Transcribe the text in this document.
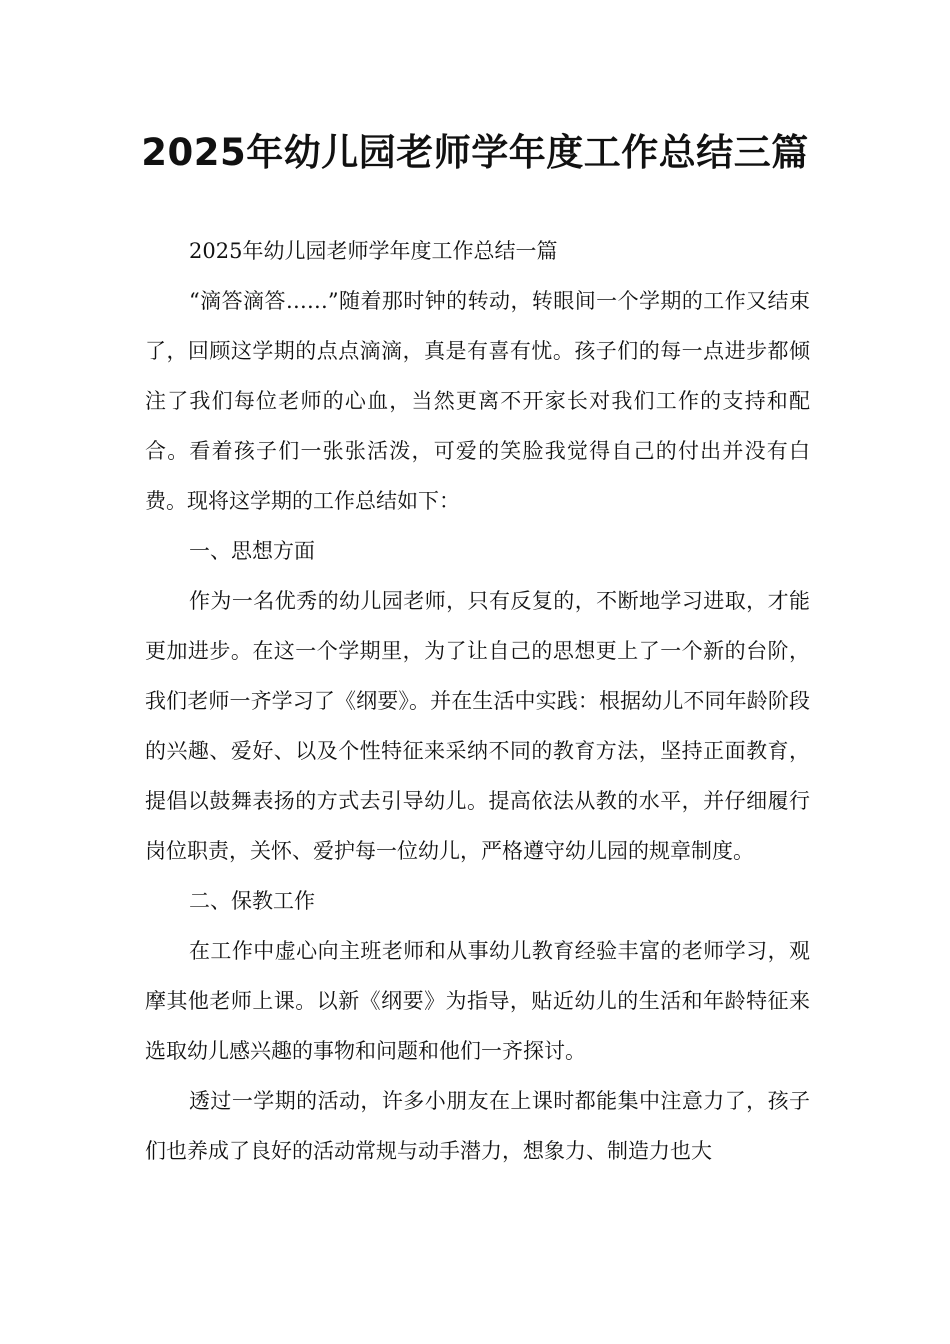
2025年幼儿园老师学年度工作总结三篇

2025年幼儿园老师学年度工作总结一篇

“滴答滴答……”随着那时钟的转动，转眼间一个学期的工作又结束了，回顾这学期的点点滴滴，真是有喜有忧。孩子们的每一点进步都倾注了我们每位老师的心血，当然更离不开家长对我们工作的支持和配合。看着孩子们一张张活泼，可爱的笑脸我觉得自己的付出并没有白费。现将这学期的工作总结如下：

一、思想方面

作为一名优秀的幼儿园老师，只有反复的，不断地学习进取，才能更加进步。在这一个学期里，为了让自己的思想更上了一个新的台阶，我们老师一齐学习了《纲要》。并在生活中实践：根据幼儿不同年龄阶段的兴趣、爱好、以及个性特征来采纳不同的教育方法，坚持正面教育，提倡以鼓舞表扬的方式去引导幼儿。提高依法从教的水平，并仔细履行岗位职责，关怀、爱护每一位幼儿，严格遵守幼儿园的规章制度。

二、保教工作

在工作中虚心向主班老师和从事幼儿教育经验丰富的老师学习，观摩其他老师上课。以新《纲要》为指导，贴近幼儿的生活和年龄特征来选取幼儿感兴趣的事物和问题和他们一齐探讨。

透过一学期的活动，许多小朋友在上课时都能集中注意力了，孩子们也养成了良好的活动常规与动手潜力，想象力、制造力也大
